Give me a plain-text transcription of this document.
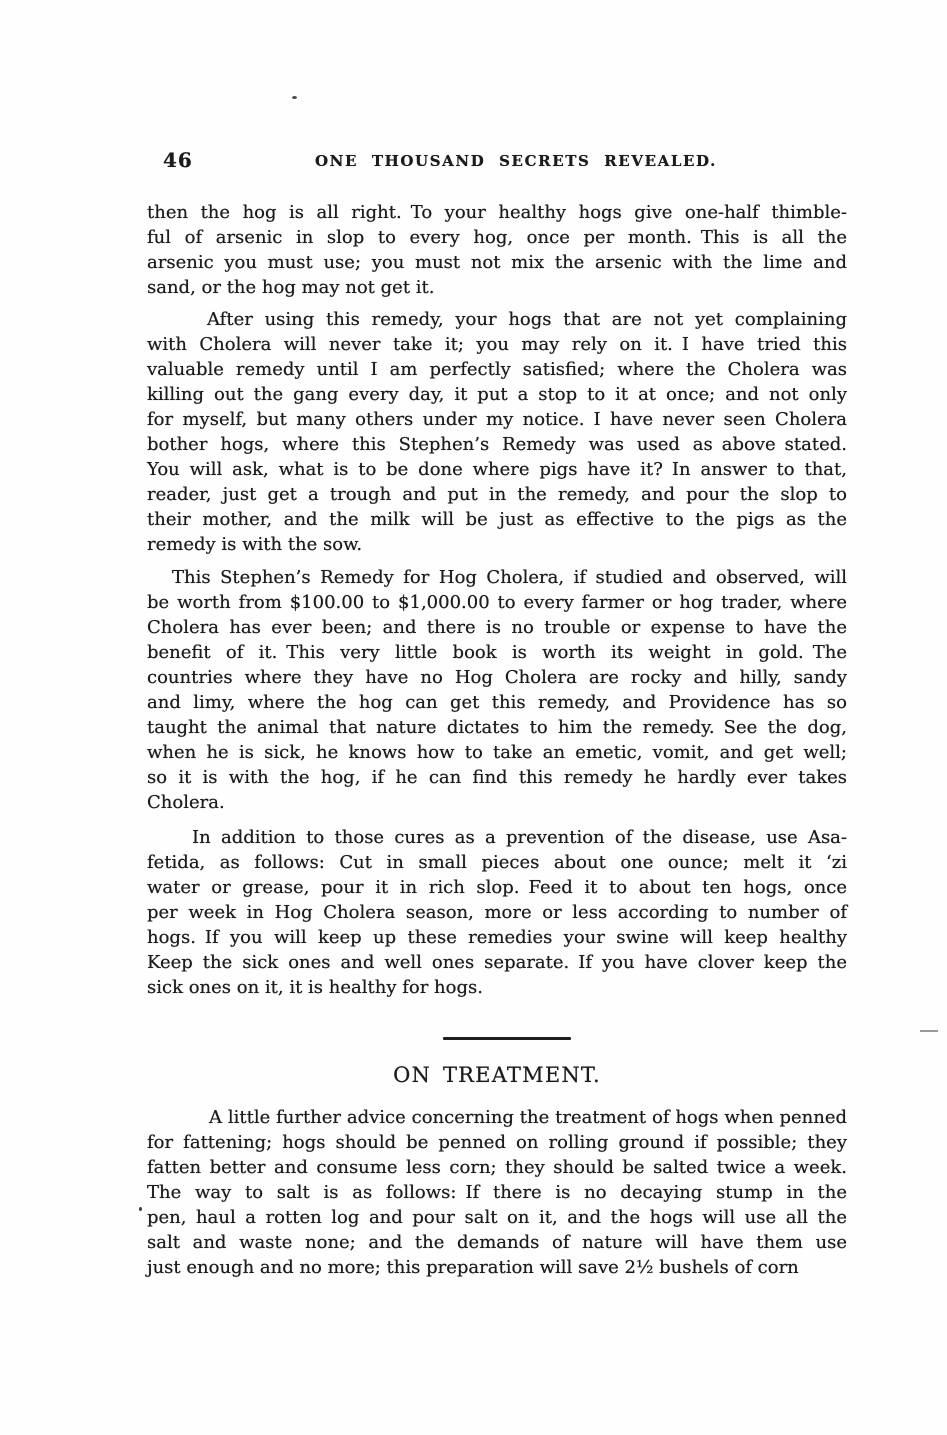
46	ONE THOUSAND SECRETS REVEALED.
then the hog is all right. To your healthy hogs give one-half thimble-
ful of arsenic in slop to every hog, once per month. This is all the
arsenic you must use; you must not mix the arsenic with the lime and
sand, or the hog may not get it.
After using this remedy, your hogs that are not yet complaining
with Cholera will never take it; you may rely on it. I have tried this
valuable remedy until I am perfectly satisfied; where the Cholera was
killing out the gang every day, it put a stop to it at once; and not only
for myself, but many others under my notice. I have never seen Cholera
bother hogs, where this Stephen’s Remedy was used as above stated.
You will ask, what is to be done where pigs have it? In answer to that,
reader, just get a trough and put in the remedy, and pour the slop to
their mother, and the milk will be just as effective to the pigs as the
remedy is with the sow.
This Stephen’s Remedy for Hog Cholera, if studied and observed, will
be worth from $100.00 to $1,000.00 to every farmer or hog trader, where
Cholera has ever been; and there is no trouble or expense to have the
benefit of it. This very little book is worth its weight in gold. The
countries where they have no Hog Cholera are rocky and hilly, sandy
and limy, where the hog can get this remedy, and Providence has so
taught the animal that nature dictates to him the remedy. See the dog,
when he is sick, he knows how to take an emetic, vomit, and get well;
so it is with the hog, if he can find this remedy he hardly ever takes
Cholera.
In addition to those cures as a prevention of the disease, use Asa-
fetida, as follows: Cut in small pieces about one ounce; melt it ʻzi
water or grease, pour it in rich slop. Feed it to about ten hogs, once
per week in Hog Cholera season, more or less according to number of
hogs. If you will keep up these remedies your swine will keep healthy
Keep the sick ones and well ones separate. If you have clover keep the
sick ones on it, it is healthy for hogs.
ON TREATMENT.
A little further advice concerning the treatment of hogs when penned
for fattening; hogs should be penned on rolling ground if possible; they
fatten better and consume less corn; they should be salted twice a week.
The way to salt is as follows: If there is no decaying stump in the
pen, haul a rotten log and pour salt on it, and the hogs will use all the
salt and waste none; and the demands of nature will have them use
just enough and no more; this preparation will save 2½ bushels of corn
